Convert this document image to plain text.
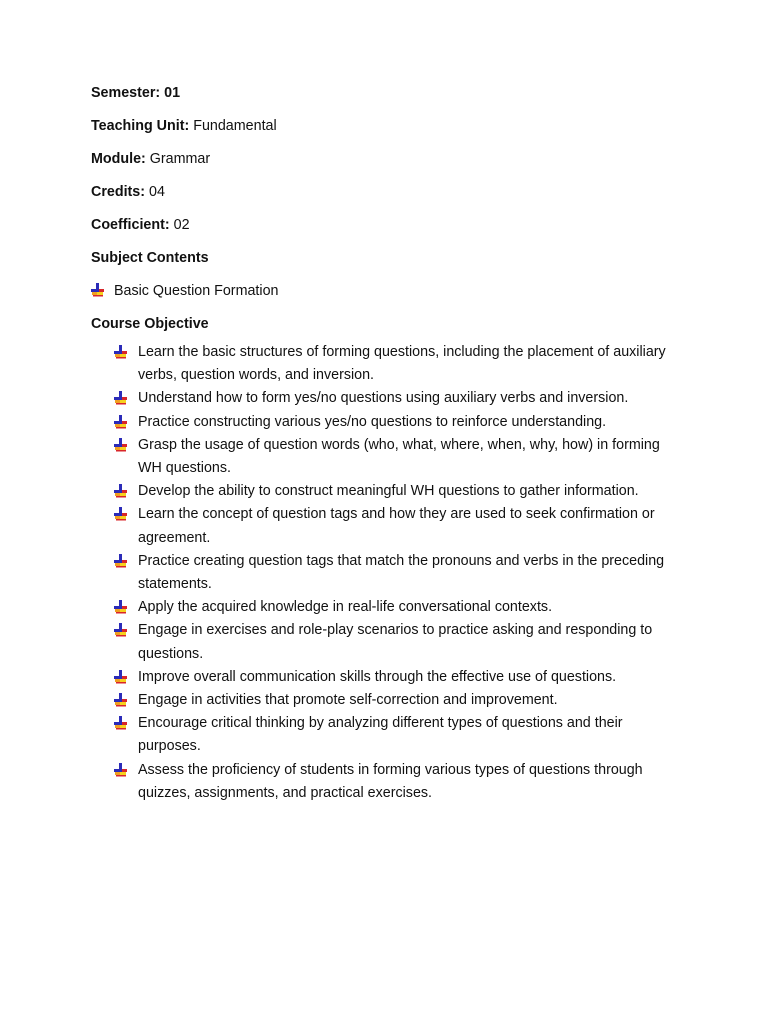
Semester: 01
Teaching Unit: Fundamental
Module: Grammar
Credits: 04
Coefficient: 02
Subject Contents
Basic Question Formation
Course Objective
Learn the basic structures of forming questions, including the placement of auxiliary verbs, question words, and inversion.
Understand how to form yes/no questions using auxiliary verbs and inversion.
Practice constructing various yes/no questions to reinforce understanding.
Grasp the usage of question words (who, what, where, when, why, how) in forming WH questions.
Develop the ability to construct meaningful WH questions to gather information.
Learn the concept of question tags and how they are used to seek confirmation or agreement.
Practice creating question tags that match the pronouns and verbs in the preceding statements.
Apply the acquired knowledge in real-life conversational contexts.
Engage in exercises and role-play scenarios to practice asking and responding to questions.
Improve overall communication skills through the effective use of questions.
Engage in activities that promote self-correction and improvement.
Encourage critical thinking by analyzing different types of questions and their purposes.
Assess the proficiency of students in forming various types of questions through quizzes, assignments, and practical exercises.
